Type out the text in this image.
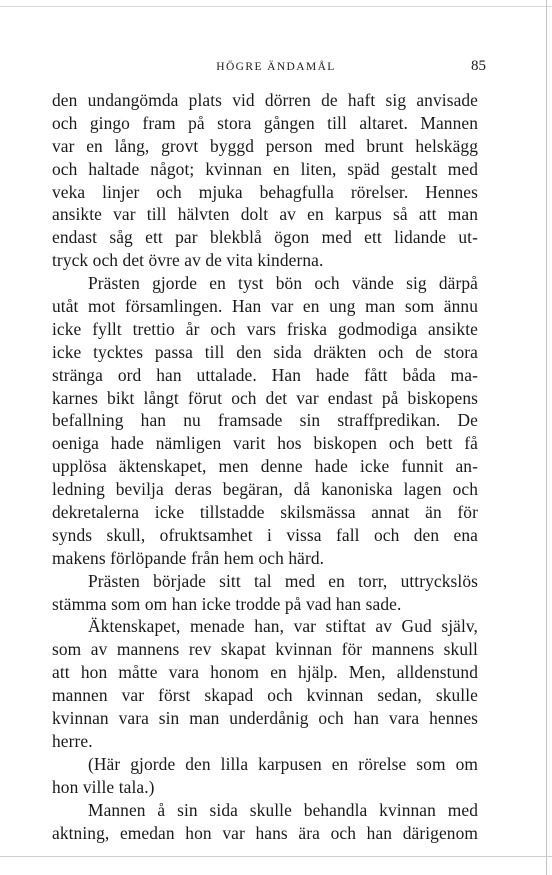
HÖGRE ÄNDAMÅL	85
den undangömda plats vid dörren de haft sig anvisade
och gingo fram på stora gången till altaret. Mannen
var en lång, grovt byggd person med brunt helskägg
och haltade något; kvinnan en liten, späd gestalt med
veka linjer och mjuka behagfulla rörelser. Hennes
ansikte var till hälvten dolt av en karpus så att man
endast såg ett par blekblå ögon med ett lidande ut-
tryck och det övre av de vita kinderna.
Prästen gjorde en tyst bön och vände sig därpå
utåt mot församlingen. Han var en ung man som ännu
icke fyllt trettio år och vars friska godmodiga ansikte
icke tycktes passa till den sida dräkten och de stora
stränga ord han uttalade. Han hade fått båda ma-
karnes bikt långt förut och det var endast på biskopens
befallning han nu framsade sin straffpredikan. De
oeniga hade nämligen varit hos biskopen och bett få
upplösa äktenskapet, men denne hade icke funnit an-
ledning bevilja deras begäran, då kanoniska lagen och
dekretalerna icke tillstadde skilsmässa annat än för
synds skull, ofruktsamhet i vissa fall och den ena
makens förlöpande från hem och härd.
Prästen började sitt tal med en torr, uttryckslös
stämma som om han icke trodde på vad han sade.
Äktenskapet, menade han, var stiftat av Gud själv,
som av mannens rev skapat kvinnan för mannens skull
att hon måtte vara honom en hjälp. Men, alldenstund
mannen var först skapad och kvinnan sedan, skulle
kvinnan vara sin man underdånig och han vara hennes
herre.
(Här gjorde den lilla karpusen en rörelse som om
hon ville tala.)
Mannen å sin sida skulle behandla kvinnan med
aktning, emedan hon var hans ära och han därigenom
